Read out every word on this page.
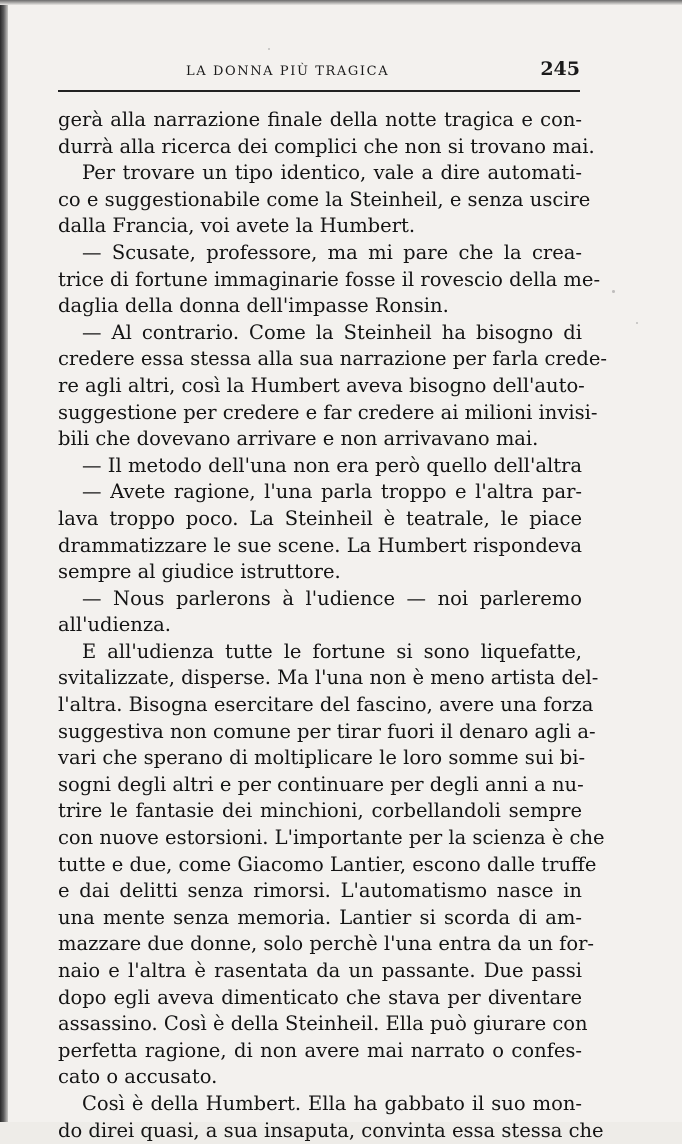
LA DONNA PIÙ TRAGICA	245
gerà alla narrazione finale della notte tragica e con-
durrà alla ricerca dei complici che non si trovano mai.
Per trovare un tipo identico, vale a dire automati-
co e suggestionabile come la Steinheil, e senza uscire
dalla Francia, voi avete la Humbert.
— Scusate, professore, ma mi pare che la crea-
trice di fortune immaginarie fosse il rovescio della me-
daglia della donna dell'impasse Ronsin.
— Al contrario. Come la Steinheil ha bisogno di
credere essa stessa alla sua narrazione per farla crede-
re agli altri, così la Humbert aveva bisogno dell'auto-
suggestione per credere e far credere ai milioni invisi-
bili che dovevano arrivare e non arrivavano mai.
— Il metodo dell'una non era però quello dell'altra
— Avete ragione, l'una parla troppo e l'altra par-
lava troppo poco. La Steinheil è teatrale, le piace
drammatizzare le sue scene. La Humbert rispondeva
sempre al giudice istruttore.
— Nous parlerons à l'udience — noi parleremo
all'udienza.
E all'udienza tutte le fortune si sono liquefatte,
svitalizzate, disperse. Ma l'una non è meno artista del-
l'altra. Bisogna esercitare del fascino, avere una forza
suggestiva non comune per tirar fuori il denaro agli a-
vari che sperano di moltiplicare le loro somme sui bi-
sogni degli altri e per continuare per degli anni a nu-
trire le fantasie dei minchioni, corbellandoli sempre
con nuove estorsioni. L'importante per la scienza è che
tutte e due, come Giacomo Lantier, escono dalle truffe
e dai delitti senza rimorsi. L'automatismo nasce in
una mente senza memoria. Lantier si scorda di am-
mazzare due donne, solo perchè l'una entra da un for-
naio e l'altra è rasentata da un passante. Due passi
dopo egli aveva dimenticato che stava per diventare
assassino. Così è della Steinheil. Ella può giurare con
perfetta ragione, di non avere mai narrato o confes-
cato o accusato.
Così è della Humbert. Ella ha gabbato il suo mon-
do direi quasi, a sua insaputa, convinta essa stessa che
